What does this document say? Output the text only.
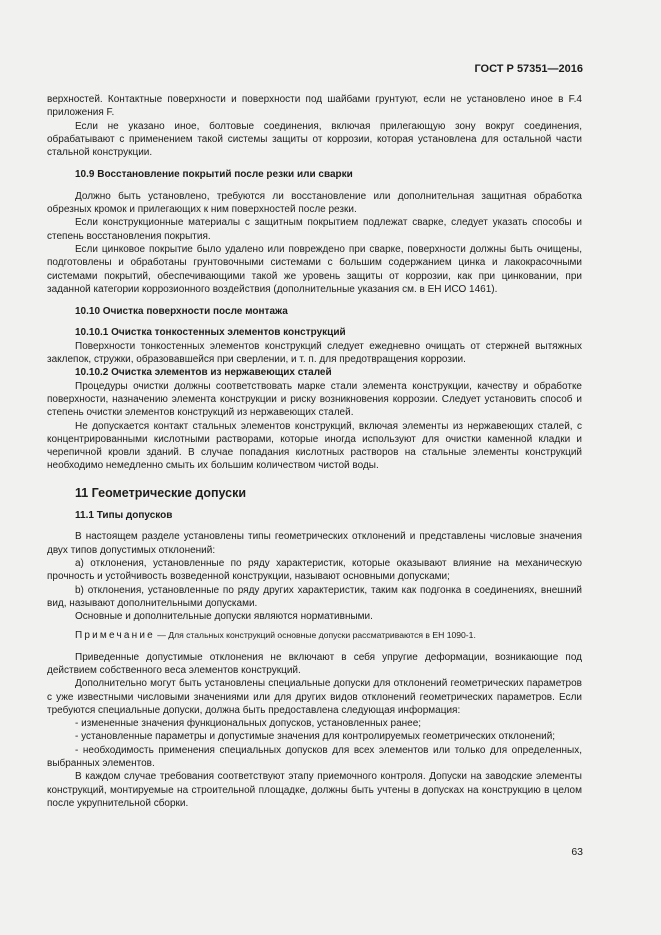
ГОСТ Р 57351—2016

верхностей. Контактные поверхности и поверхности под шайбами грунтуют, если не установлено иное в F.4 приложения F.

Если не указано иное, болтовые соединения, включая прилегающую зону вокруг соединения, обрабатывают с применением такой системы защиты от коррозии, которая установлена для остальной части стальной конструкции.

10.9 Восстановление покрытий после резки или сварки

Должно быть установлено, требуются ли восстановление или дополнительная защитная обработка обрезных кромок и прилегающих к ним поверхностей после резки.

Если конструкционные материалы с защитным покрытием подлежат сварке, следует указать способы и степень восстановления покрытия.

Если цинковое покрытие было удалено или повреждено при сварке, поверхности должны быть очищены, подготовлены и обработаны грунтовочными системами с большим содержанием цинка и лакокрасочными системами покрытий, обеспечивающими такой же уровень защиты от коррозии, как при цинковании, при заданной категории коррозионного воздействия (дополнительные указания см. в ЕН ИСО 1461).

10.10 Очистка поверхности после монтажа

10.10.1 Очистка тонкостенных элементов конструкций

Поверхности тонкостенных элементов конструкций следует ежедневно очищать от стержней вытяжных заклепок, стружки, образовавшейся при сверлении, и т. п. для предотвращения коррозии.

10.10.2 Очистка элементов из нержавеющих сталей

Процедуры очистки должны соответствовать марке стали элемента конструкции, качеству и обработке поверхности, назначению элемента конструкции и риску возникновения коррозии. Следует установить способ и степень очистки элементов конструкций из нержавеющих сталей.

Не допускается контакт стальных элементов конструкций, включая элементы из нержавеющих сталей, с концентрированными кислотными растворами, которые иногда используют для очистки каменной кладки и черепичной кровли зданий. В случае попадания кислотных растворов на стальные элементы конструкций необходимо немедленно смыть их большим количеством чистой воды.

11 Геометрические допуски

11.1 Типы допусков

В настоящем разделе установлены типы геометрических отклонений и представлены числовые значения двух типов допустимых отклонений:

a) отклонения, установленные по ряду характеристик, которые оказывают влияние на механическую прочность и устойчивость возведенной конструкции, называют основными допусками;

b) отклонения, установленные по ряду других характеристик, таким как подгонка в соединениях, внешний вид, называют дополнительными допусками.

Основные и дополнительные допуски являются нормативными.

Примечание — Для стальных конструкций основные допуски рассматриваются в ЕН 1090-1.

Приведенные допустимые отклонения не включают в себя упругие деформации, возникающие под действием собственного веса элементов конструкций.

Дополнительно могут быть установлены специальные допуски для отклонений геометрических параметров с уже известными числовыми значениями или для других видов отклонений геометрических параметров. Если требуются специальные допуски, должна быть предоставлена следующая информация:

- измененные значения функциональных допусков, установленных ранее;

- установленные параметры и допустимые значения для контролируемых геометрических отклонений;

- необходимость применения специальных допусков для всех элементов или только для определенных, выбранных элементов.

В каждом случае требования соответствуют этапу приемочного контроля. Допуски на заводские элементы конструкций, монтируемые на строительной площадке, должны быть учтены в допусках на конструкцию в целом после укрупнительной сборки.

63
